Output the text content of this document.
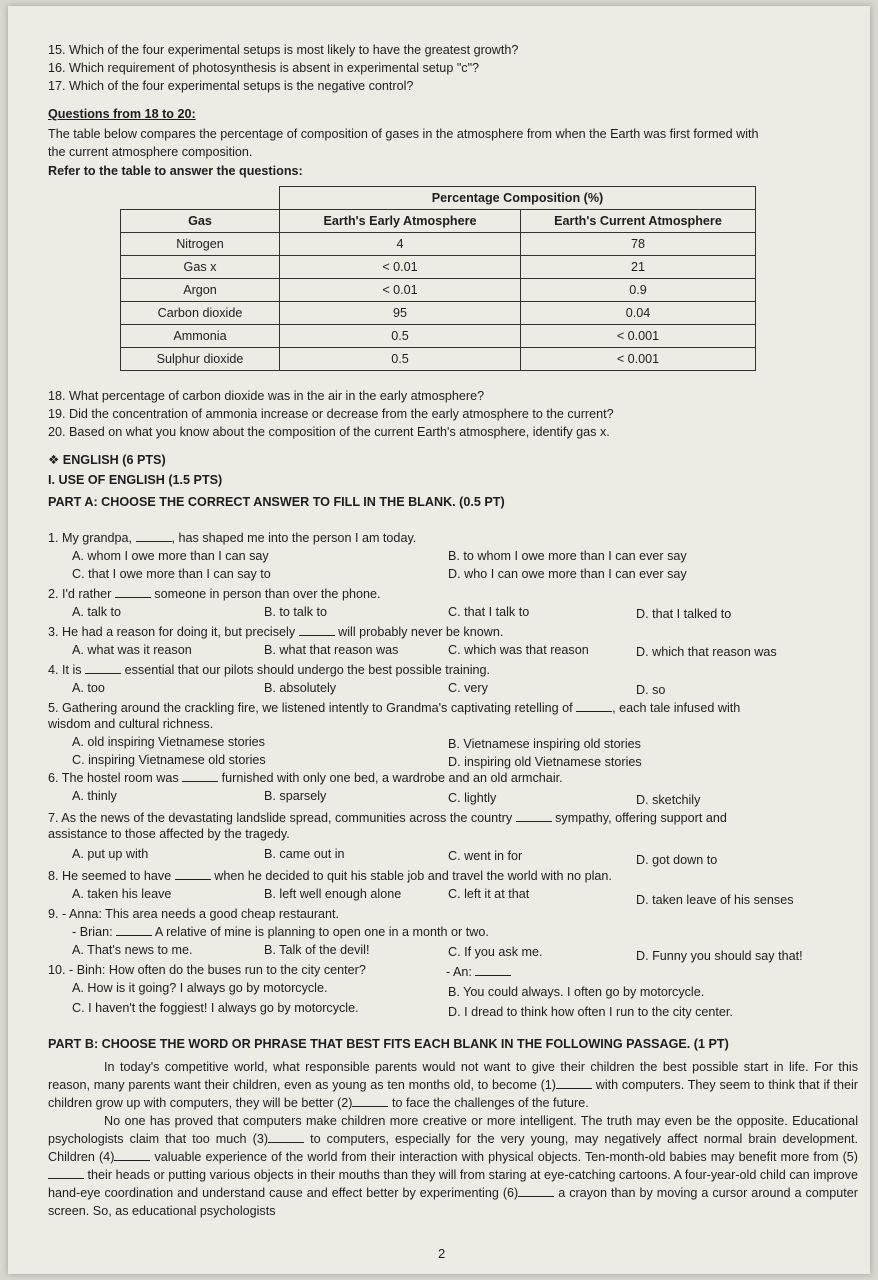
15. Which of the four experimental setups is most likely to have the greatest growth?
16. Which requirement of photosynthesis is absent in experimental setup "c"?
17. Which of the four experimental setups is the negative control?
Questions from 18 to 20:
The table below compares the percentage of composition of gases in the atmosphere from when the Earth was first formed with
the current atmosphere composition.
Refer to the table to answer the questions:
	Percentage Composition (%)	
Gas	Earth's Early Atmosphere	Earth's Current Atmosphere
Nitrogen	4	78
Gas x	< 0.01	21
Argon	< 0.01	0.9
Carbon dioxide	95	0.04
Ammonia	0.5	< 0.001
Sulphur dioxide	0.5	< 0.001
18. What percentage of carbon dioxide was in the air in the early atmosphere?
19. Did the concentration of ammonia increase or decrease from the early atmosphere to the current?
20. Based on what you know about the composition of the current Earth's atmosphere, identify gas x.
❖ ENGLISH (6 PTS)
I. USE OF ENGLISH (1.5 PTS)
PART A: CHOOSE THE CORRECT ANSWER TO FILL IN THE BLANK. (0.5 PT)
1. My grandpa,	, has shaped me into the person I am today.
A. whom I owe more than I can say	B. to whom I owe more than I can ever say
C. that I owe more than I can say to	D. who I can owe more than I can ever say
2. I'd rather	someone in person than over the phone.
A. talk to	B. to talk to	C. that I talk to	D. that I talked to
3. He had a reason for doing it, but precisely	will probably never be known.
A. what was it reason	B. what that reason was	C. which was that reason	D. which that reason was
4. It is	essential that our pilots should undergo the best possible training.
A. too	B. absolutely	C. very	D. so
5. Gathering around the crackling fire, we listened intently to Grandma's captivating retelling of	, each tale infused with
wisdom and cultural richness.
A. old inspiring Vietnamese stories	B. Vietnamese inspiring old stories
C. inspiring Vietnamese old stories	D. inspiring old Vietnamese stories
6. The hostel room was	furnished with only one bed, a wardrobe and an old armchair.
A. thinly	B. sparsely	C. lightly	D. sketchily
7. As the news of the devastating landslide spread, communities across the country	sympathy, offering support and
assistance to those affected by the tragedy.
A. put up with	B. came out in	C. went in for	D. got down to
8. He seemed to have	when he decided to quit his stable job and travel the world with no plan.
A. taken his leave	B. left well enough alone	C. left it at that	D. taken leave of his senses
9. - Anna: This area needs a good cheap restaurant.
- Brian:	A relative of mine is planning to open one in a month or two.
A. That's news to me.	B. Talk of the devil!	C. If you ask me.	D. Funny you should say that!
10. - Binh: How often do the buses run to the city center?	- An:
A. How is it going? I always go by motorcycle.	B. You could always. I often go by motorcycle.
C. I haven't the foggiest! I always go by motorcycle.	D. I dread to think how often I run to the city center.
PART B: CHOOSE THE WORD OR PHRASE THAT BEST FITS EACH BLANK IN THE FOLLOWING PASSAGE. (1 PT)
In today's competitive world, what responsible parents would not want to give their children the best possible start in life. For this reason, many parents want their children, even as young as ten months old, to become (1)	with computers. They seem to think that if their children grow up with computers, they will be better (2)	to face the challenges of the future.
No one has proved that computers make children more creative or more intelligent. The truth may even be the opposite. Educational psychologists claim that too much (3)	to computers, especially for the very young, may negatively affect normal brain development. Children (4)	valuable experience of the world from their interaction with physical objects. Ten-month-old babies may benefit more from (5) their heads or putting various objects in their mouths than they will from staring at eye-catching cartoons. A four-year-old child can improve hand-eye coordination and understand cause and effect better by experimenting (6)	a crayon than by moving a cursor around a computer screen. So, as educational psychologists
2
